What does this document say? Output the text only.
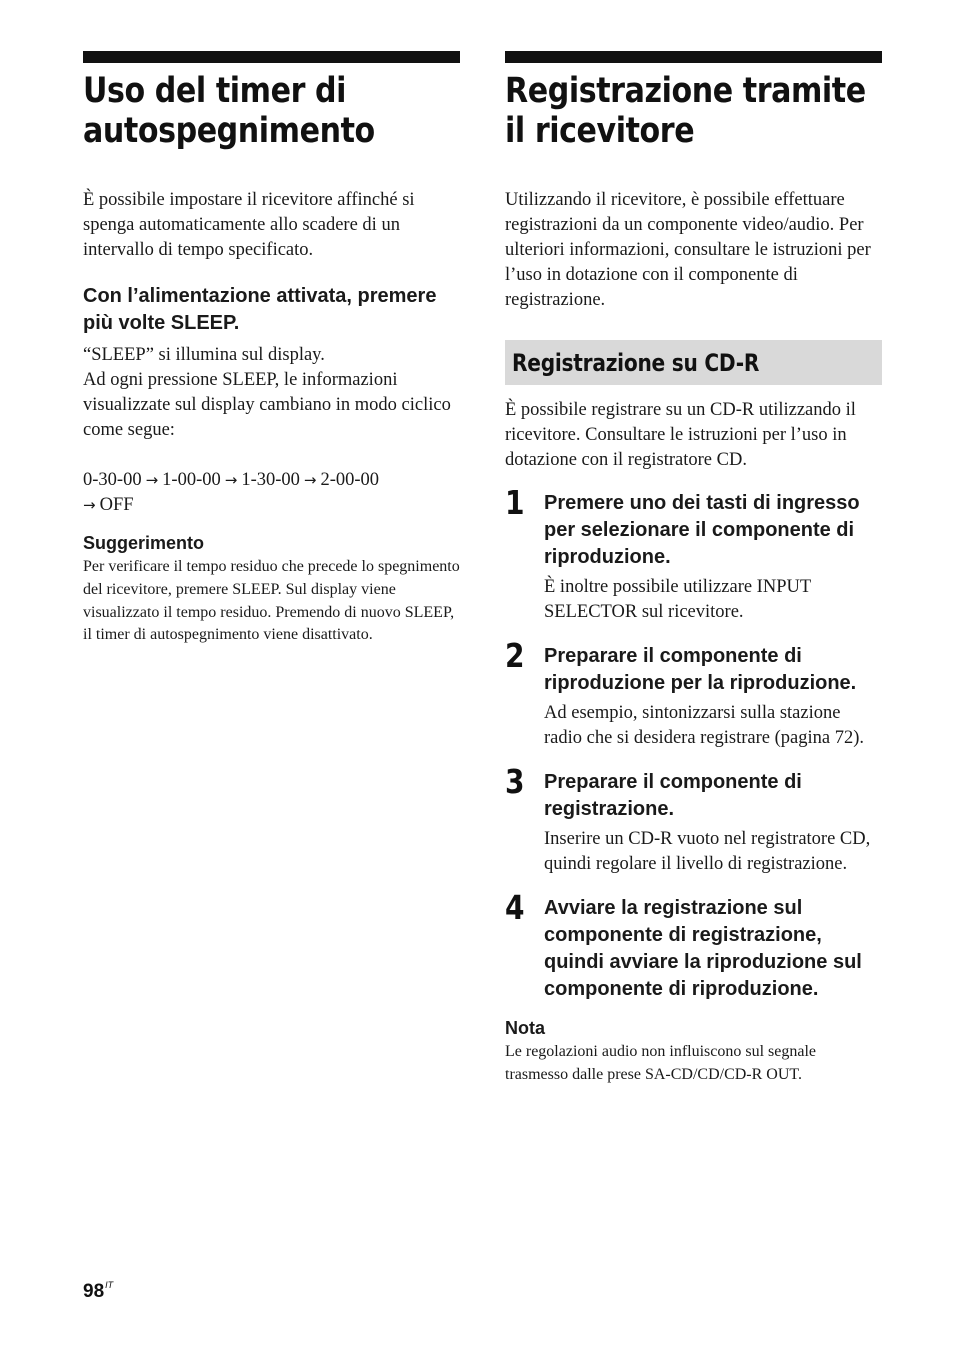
Uso del timer di autospegnimento

È possibile impostare il ricevitore affinché si spenga automaticamente allo scadere di un intervallo di tempo specificato.

Con l’alimentazione attivata, premere più volte SLEEP.

“SLEEP” si illumina sul display.

Ad ogni pressione SLEEP, le informazioni visualizzate sul display cambiano in modo ciclico come segue:

0-30-00 → 1-00-00 → 1-30-00 → 2-00-00
→ OFF

Suggerimento

Per verificare il tempo residuo che precede lo spegnimento del ricevitore, premere SLEEP. Sul display viene visualizzato il tempo residuo. Premendo di nuovo SLEEP, il timer di autospegnimento viene disattivato.

Registrazione tramite il ricevitore

Utilizzando il ricevitore, è possibile effettuare registrazioni da un componente video/audio. Per ulteriori informazioni, consultare le istruzioni per l’uso in dotazione con il componente di registrazione.

Registrazione su CD-R

È possibile registrare su un CD-R utilizzando il ricevitore. Consultare le istruzioni per l’uso in dotazione con il registratore CD.

1 Premere uno dei tasti di ingresso per selezionare il componente di riproduzione.

È inoltre possibile utilizzare INPUT SELECTOR sul ricevitore.

2 Preparare il componente di riproduzione per la riproduzione.

Ad esempio, sintonizzarsi sulla stazione radio che si desidera registrare (pagina 72).

3 Preparare il componente di registrazione.

Inserire un CD-R vuoto nel registratore CD, quindi regolare il livello di registrazione.

4 Avviare la registrazione sul componente di registrazione, quindi avviare la riproduzione sul componente di riproduzione.

Nota

Le regolazioni audio non influiscono sul segnale trasmesso dalle prese SA-CD/CD/CD-R OUT.

$98^{IT}$
